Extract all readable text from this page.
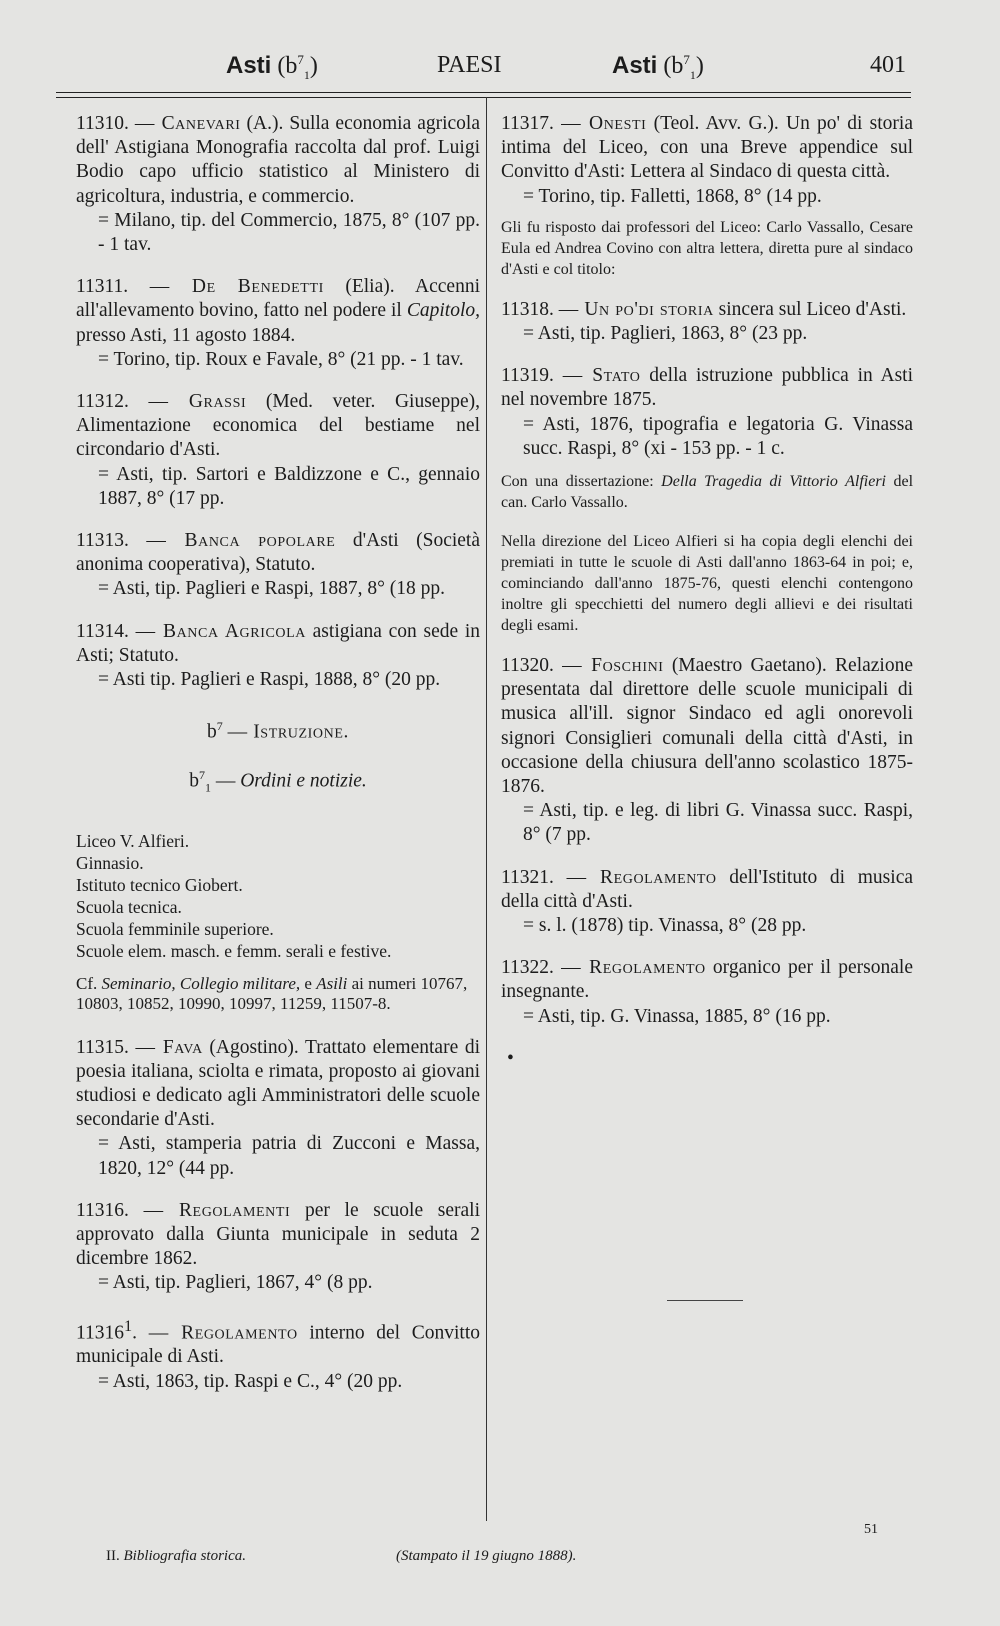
Asti $(b^7_1)$	PAESI	Asti $(b^7_1)$	401

11310. — Canevari (A.). Sulla economia agricola dell' Astigiana Monografia raccolta dal prof. Luigi Bodio capo ufficio statistico al Ministero di agricoltura, industria, e commercio.
= Milano, tip. del Commercio, 1875, 8° (107 pp. - 1 tav.

11311. — De Benedetti (Elia). Accenni all'allevamento bovino, fatto nel podere il Capitolo, presso Asti, 11 agosto 1884.
= Torino, tip. Roux e Favale, 8° (21 pp. - 1 tav.

11312. — Grassi (Med. veter. Giuseppe), Alimentazione economica del bestiame nel circondario d'Asti.
= Asti, tip. Sartori e Baldizzone e C., gennaio 1887, 8° (17 pp.

11313. — Banca popolare d'Asti (Società anonima cooperativa), Statuto.
= Asti, tip. Paglieri e Raspi, 1887, 8° (18 pp.

11314. — Banca Agricola astigiana con sede in Asti; Statuto.
= Asti tip. Paglieri e Raspi, 1888, 8° (20 pp.

$b^7$ — Istruzione.
$b^7_1$ — Ordini e notizie.
Liceo V. Alfieri.
Ginnasio.
Istituto tecnico Giobert.
Scuola tecnica.
Scuola femminile superiore.
Scuole elem. masch. e femm. serali e festive.

Cf. Seminario, Collegio militare, e Asili ai numeri 10767, 10803, 10852, 10990, 10997, 11259, 11507-8.

11315. — Fava (Agostino). Trattato elementare di poesia italiana, sciolta e rimata, proposto ai giovani studiosi e dedicato agli Amministratori delle scuole secondarie d'Asti.
= Asti, stamperia patria di Zucconi e Massa, 1820, 12° (44 pp.

11316. — Regolamenti per le scuole serali approvato dalla Giunta municipale in seduta 2 dicembre 1862.
= Asti, tip. Paglieri, 1867, 4° (8 pp.

11316$^1$. — Regolamento interno del Convitto municipale di Asti.
= Asti, 1863, tip. Raspi e C., 4° (20 pp.

11317. — Onesti (Teol. Avv. G.). Un po' di storia intima del Liceo, con una Breve appendice sul Convitto d'Asti: Lettera al Sindaco di questa città.
= Torino, tip. Falletti, 1868, 8° (14 pp.

Gli fu risposto dai professori del Liceo: Carlo Vassallo, Cesare Eula ed Andrea Covino con altra lettera, diretta pure al sindaco d'Asti e col titolo:

11318. — Un po'di storia sincera sul Liceo d'Asti.
= Asti, tip. Paglieri, 1863, 8° (23 pp.

11319. — Stato della istruzione pubblica in Asti nel novembre 1875.
= Asti, 1876, tipografia e legatoria G. Vinassa succ. Raspi, 8° (xi - 153 pp. - 1 c.

Con una dissertazione: Della Tragedia di Vittorio Alfieri del can. Carlo Vassallo.

Nella direzione del Liceo Alfieri si ha copia degli elenchi dei premiati in tutte le scuole di Asti dall'anno 1863-64 in poi; e, cominciando dall'anno 1875-76, questi elenchi contengono inoltre gli specchietti del numero degli allievi e dei risultati degli esami.

11320. — Foschini (Maestro Gaetano). Relazione presentata dal direttore delle scuole municipali di musica all'ill. signor Sindaco ed agli onorevoli signori Consiglieri comunali della città d'Asti, in occasione della chiusura dell'anno scolastico 1875-1876.
= Asti, tip. e leg. di libri G. Vinassa succ. Raspi, 8° (7 pp.

11321. — Regolamento dell'Istituto di musica della città d'Asti.
= s. l. (1878) tip. Vinassa, 8° (28 pp.

11322. — Regolamento organico per il personale insegnante.
= Asti, tip. G. Vinassa, 1885, 8° (16 pp.

•
II. Bibliografia storica.	(Stampato il 19 giugno 1888).
51
